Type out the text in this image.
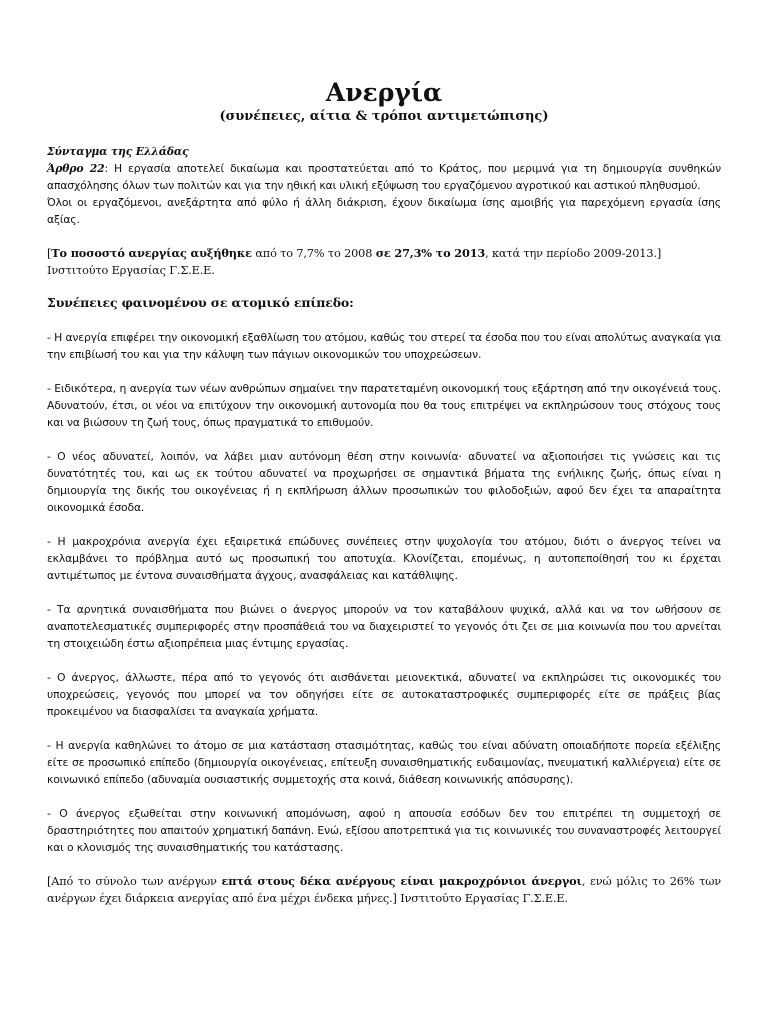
Ανεργία
(συνέπειες, αίτια & τρόποι αντιμετώπισης)

Σύνταγμα της Ελλάδας

Άρθρο 22: Η εργασία αποτελεί δικαίωμα και προστατεύεται από το Κράτος, που μεριμνά για τη δημιουργία συνθηκών απασχόλησης όλων των πολιτών και για την ηθική και υλική εξύψωση του εργαζόμενου αγροτικού και αστικού πληθυσμού.

Όλοι οι εργαζόμενοι, ανεξάρτητα από φύλο ή άλλη διάκριση, έχουν δικαίωμα ίσης αμοιβής για παρεχόμενη εργασία ίσης αξίας.

[Το ποσοστό ανεργίας αυξήθηκε από το 7,7% το 2008 σε 27,3% το 2013, κατά την περίοδο 2009-2013.]
Ινστιτούτο Εργασίας Γ.Σ.Ε.Ε.

Συνέπειες φαινομένου σε ατομικό επίπεδο:

- Η ανεργία επιφέρει την οικονομική εξαθλίωση του ατόμου, καθώς του στερεί τα έσοδα που του είναι απολύτως αναγκαία για την επιβίωσή του και για την κάλυψη των πάγιων οικονομικών του υποχρεώσεων.

- Ειδικότερα, η ανεργία των νέων ανθρώπων σημαίνει την παρατεταμένη οικονομική τους εξάρτηση από την οικογένειά τους. Αδυνατούν, έτσι, οι νέοι να επιτύχουν την οικονομική αυτονομία που θα τους επιτρέψει να εκπληρώσουν τους στόχους τους και να βιώσουν τη ζωή τους, όπως πραγματικά το επιθυμούν.

- Ο νέος αδυνατεί, λοιπόν, να λάβει μιαν αυτόνομη θέση στην κοινωνία· αδυνατεί να αξιοποιήσει τις γνώσεις και τις δυνατότητές του, και ως εκ τούτου αδυνατεί να προχωρήσει σε σημαντικά βήματα της ενήλικης ζωής, όπως είναι η δημιουργία της δικής του οικογένειας ή η εκπλήρωση άλλων προσωπικών του φιλοδοξιών, αφού δεν έχει τα απαραίτητα οικονομικά έσοδα.

- Η μακροχρόνια ανεργία έχει εξαιρετικά επώδυνες συνέπειες στην ψυχολογία του ατόμου, διότι ο άνεργος τείνει να εκλαμβάνει το πρόβλημα αυτό ως προσωπική του αποτυχία. Κλονίζεται, επομένως, η αυτοπεποίθησή του κι έρχεται αντιμέτωπος με έντονα συναισθήματα άγχους, ανασφάλειας και κατάθλιψης.

- Τα αρνητικά συναισθήματα που βιώνει ο άνεργος μπορούν να τον καταβάλουν ψυχικά, αλλά και να τον ωθήσουν σε αναποτελεσματικές συμπεριφορές στην προσπάθειά του να διαχειριστεί το γεγονός ότι ζει σε μια κοινωνία που του αρνείται τη στοιχειώδη έστω αξιοπρέπεια μιας έντιμης εργασίας.

- Ο άνεργος, άλλωστε, πέρα από το γεγονός ότι αισθάνεται μειονεκτικά, αδυνατεί να εκπληρώσει τις οικονομικές του υποχρεώσεις, γεγονός που μπορεί να τον οδηγήσει είτε σε αυτοκαταστροφικές συμπεριφορές είτε σε πράξεις βίας προκειμένου να διασφαλίσει τα αναγκαία χρήματα.

- Η ανεργία καθηλώνει το άτομο σε μια κατάσταση στασιμότητας, καθώς του είναι αδύνατη οποιαδήποτε πορεία εξέλιξης είτε σε προσωπικό επίπεδο (δημιουργία οικογένειας, επίτευξη συναισθηματικής ευδαιμονίας, πνευματική καλλιέργεια) είτε σε κοινωνικό επίπεδο (αδυναμία ουσιαστικής συμμετοχής στα κοινά, διάθεση κοινωνικής απόσυρσης).

- Ο άνεργος εξωθείται στην κοινωνική απομόνωση, αφού η απουσία εσόδων δεν του επιτρέπει τη συμμετοχή σε δραστηριότητες που απαιτούν χρηματική δαπάνη. Ενώ, εξίσου αποτρεπτικά για τις κοινωνικές του συναναστροφές λειτουργεί και ο κλονισμός της συναισθηματικής του κατάστασης.

[Από το σύνολο των ανέργων επτά στους δέκα ανέργους είναι μακροχρόνιοι άνεργοι, ενώ μόλις το 26% των ανέργων έχει διάρκεια ανεργίας από ένα μέχρι ένδεκα μήνες.] Ινστιτούτο Εργασίας Γ.Σ.Ε.Ε.
